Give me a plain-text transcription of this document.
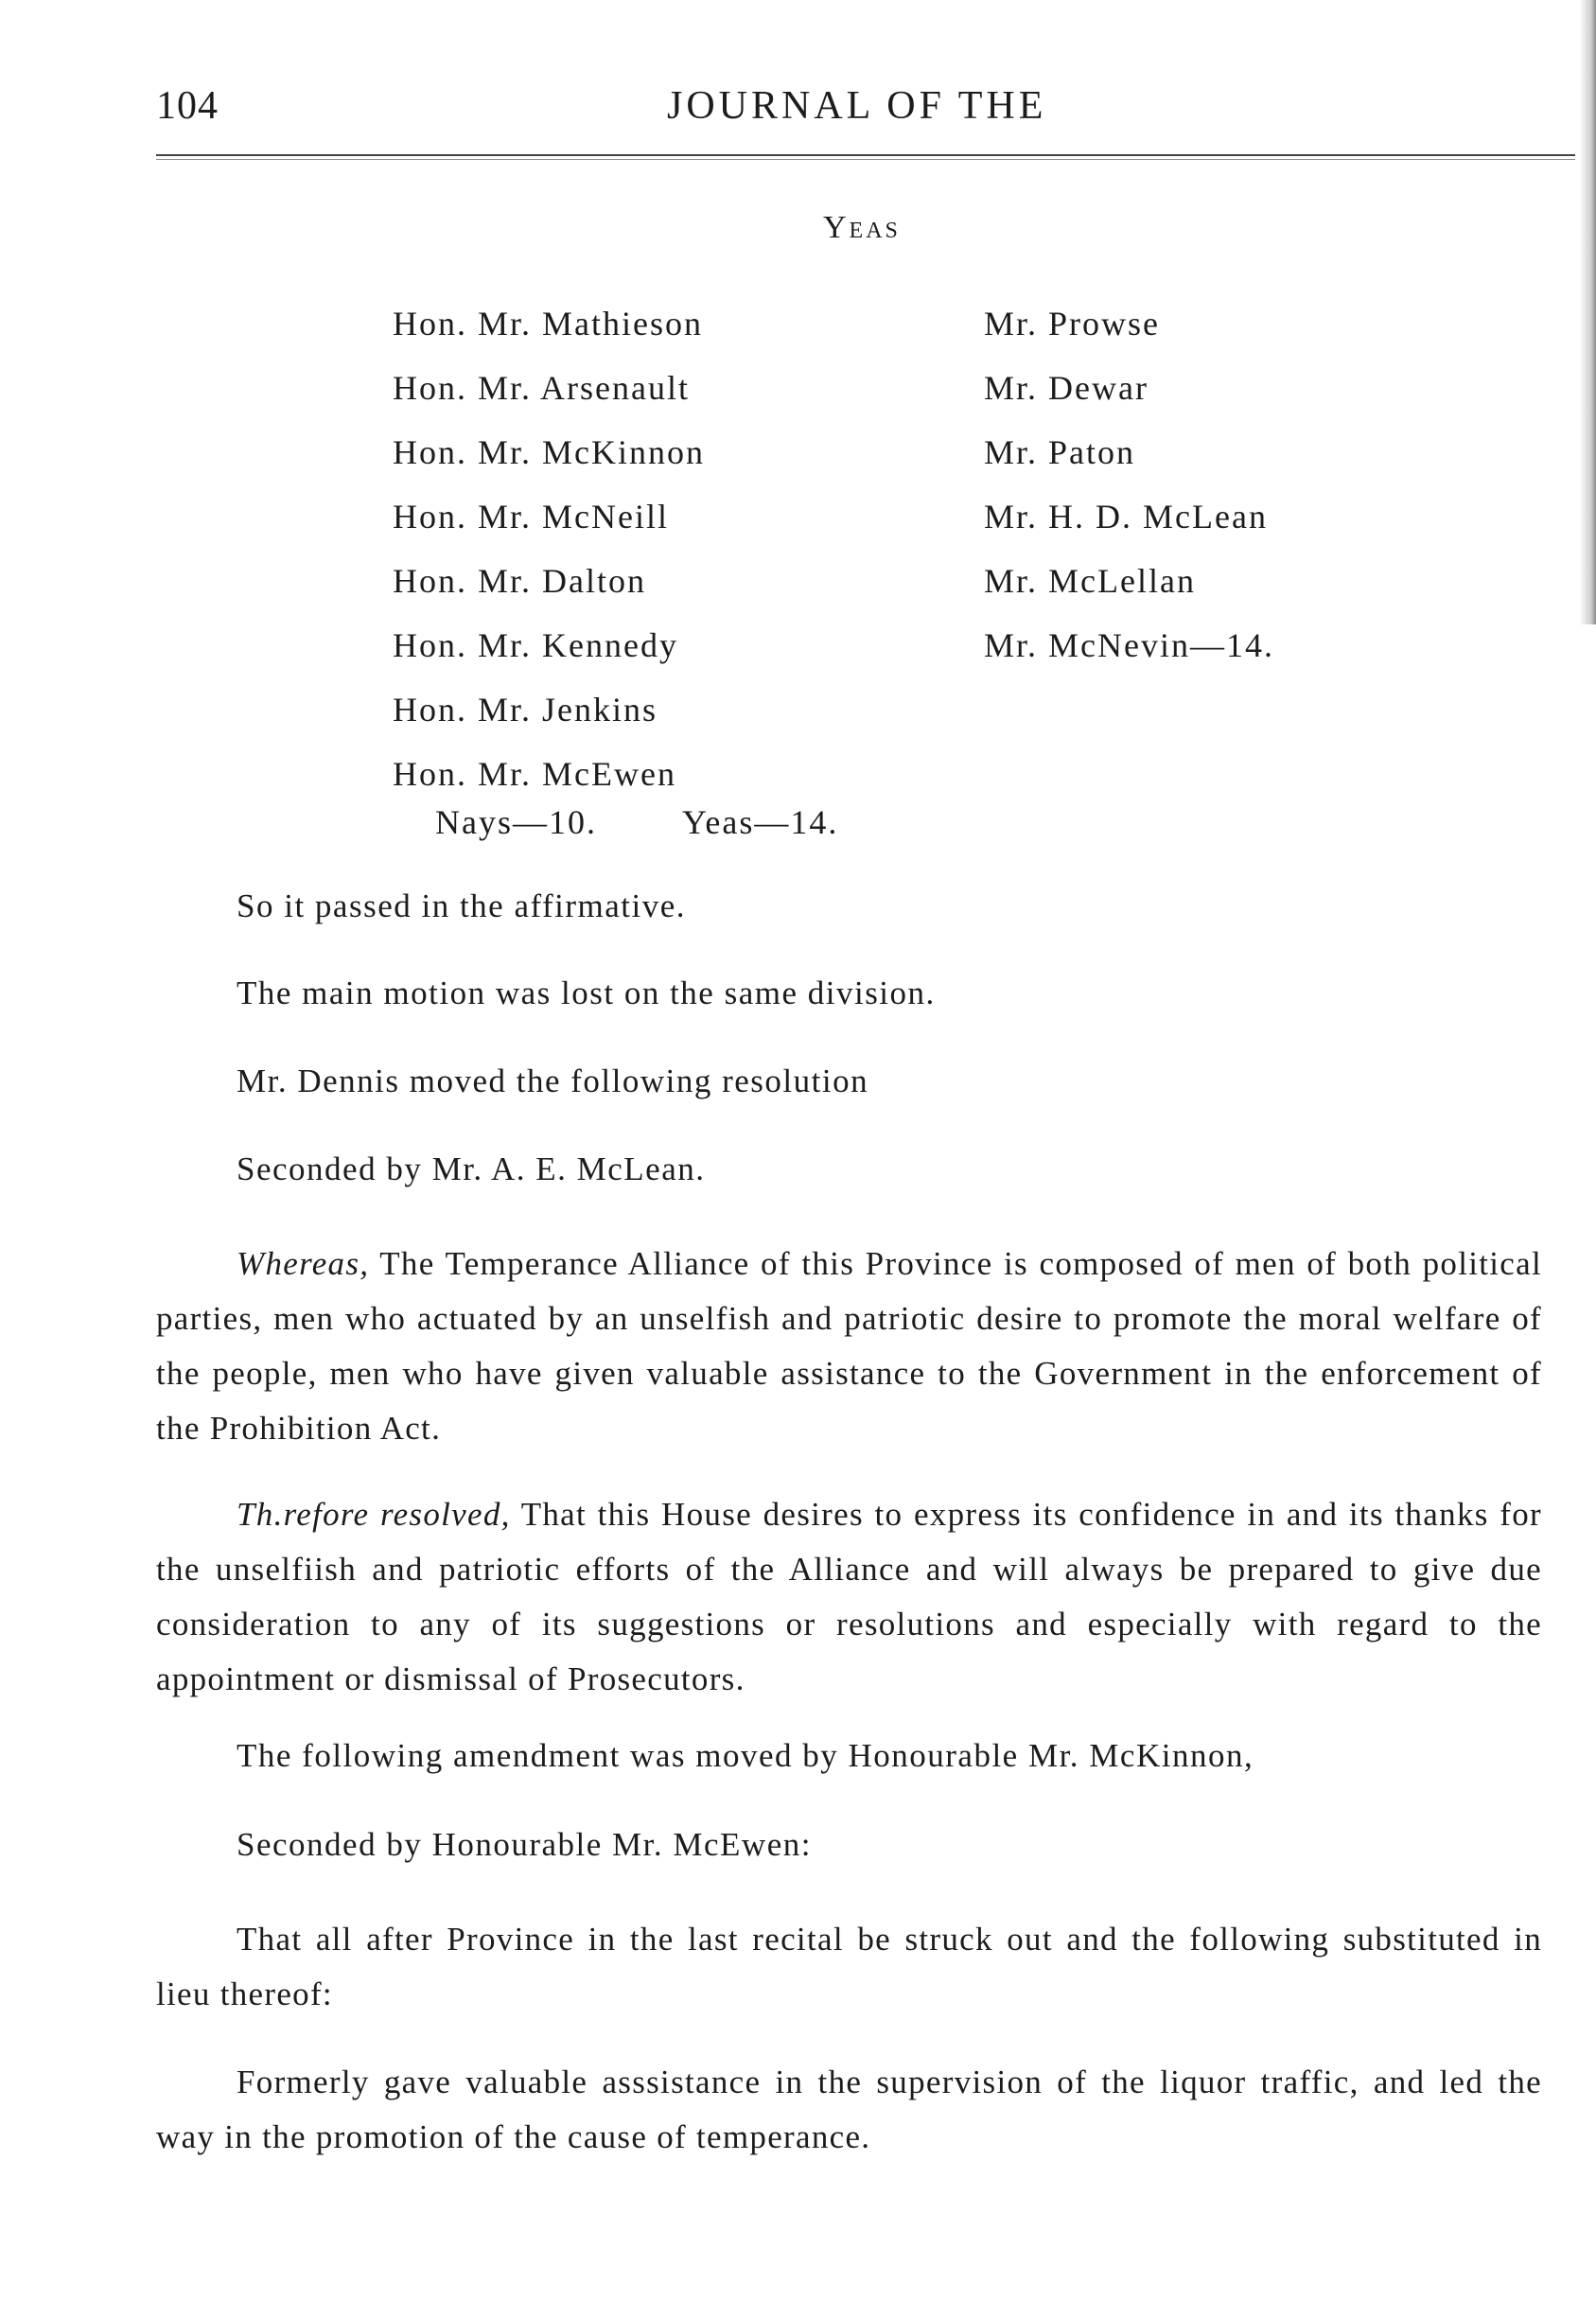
104	JOURNAL OF THE
Yeas
Hon. Mr. Mathieson
Hon. Mr. Arsenault
Hon. Mr. McKinnon
Hon. Mr. McNeill
Hon. Mr. Dalton
Hon. Mr. Kennedy
Hon. Mr. Jenkins
Hon. Mr. McEwen
Mr. Prowse
Mr. Dewar
Mr. Paton
Mr. H. D. McLean
Mr. McLellan
Mr. McNevin—14.
Nays—10.	Yeas—14.
So it passed in the affirmative.
The main motion was lost on the same division.
Mr. Dennis moved the following resolution
Seconded by Mr. A. E. McLean.
Whereas, The Temperance Alliance of this Province is composed of men of both political parties, men who actuated by an unselfish and patriotic desire to promote the moral welfare of the people, men who have given valuable assistance to the Government in the enforcement of the Prohibition Act.
Th.refore resolved, That this House desires to express its confidence in and its thanks for the unselfiish and patriotic efforts of the Alliance and will always be prepared to give due consideration to any of its suggestions or resolutions and especially with regard to the appointment or dismissal of Prosecutors.
The following amendment was moved by Honourable Mr. McKinnon,
Seconded by Honourable Mr. McEwen:
That all after Province in the last recital be struck out and the following substituted in lieu thereof:
Formerly gave valuable asssistance in the supervision of the liquor traffic, and led the way in the promotion of the cause of temperance.
